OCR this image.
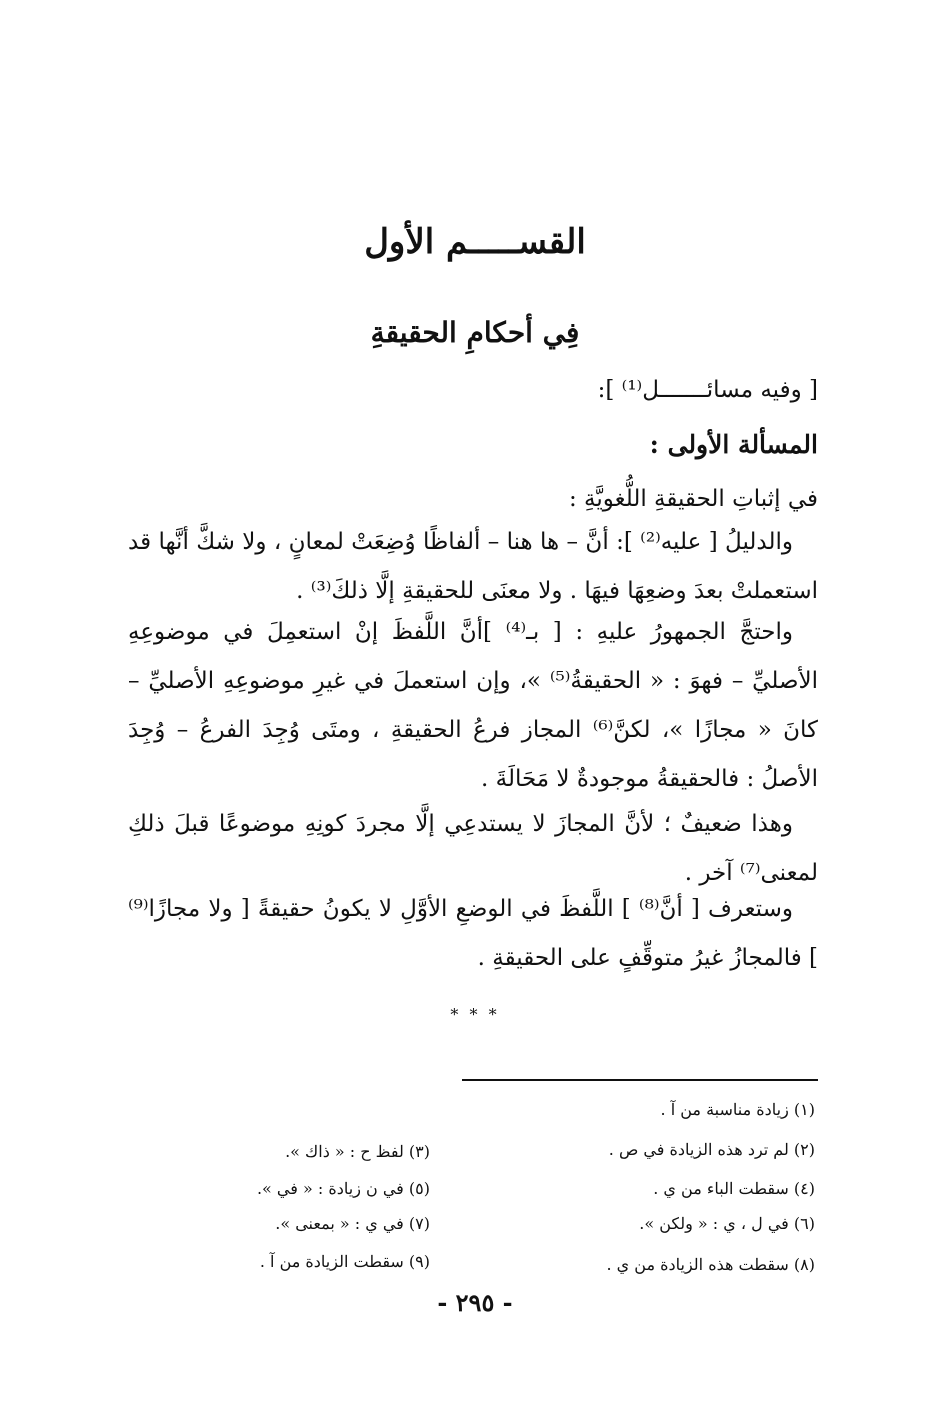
القســـــم الأول
فِي أحكامِ الحقيقةِ
[ وفيه مسائـــــــل⁽¹⁾ ]:
المسألة الأولى :
في إثباتِ الحقيقةِ اللُّغويَّةِ :
والدليلُ [ عليه⁽²⁾ ]: أنَّ – ها هنا – ألفاظًا وُضِعَتْ لمعانٍ ، ولا شكَّ أنَّها قد استعملتْ بعدَ وضعِهَا فيهَا . ولا معنَى للحقيقةِ إلَّا ذلكَ⁽³⁾ .
واحتجَّ الجمهورُ عليهِ : [ بـ⁽⁴⁾ ]أنَّ اللَّفظَ إنْ استعمِلَ في موضوعِهِ الأصليِّ – فهوَ : « الحقيقةُ⁽⁵⁾ »، وإن استعملَ في غيرِ موضوعِهِ الأصليِّ – كانَ « مجازًا »، لكنَّ⁽⁶⁾ المجاز فرعُ الحقيقةِ ، ومتَى وُجِدَ الفرعُ – وُجِدَ الأصلُ : فالحقيقةُ موجودةٌ لا مَحَالَةَ .
وهذا ضعيفٌ ؛ لأنَّ المجازَ لا يستدعِي إلَّا مجردَ كونِهِ موضوعًا قبلَ ذلكِ لمعنى⁽⁷⁾ آخر .
وستعرف [ أنَّ⁽⁸⁾ ] اللَّفظَ في الوضعِ الأوَّلِ لا يكونُ حقيقةً [ ولا مجازًا⁽⁹⁾ ] فالمجازُ غيرُ متوقِّفٍ على الحقيقةِ .
* * *
(١) زيادة مناسبة من آ .
(٢) لم ترد هذه الزيادة في ص .
(٣) لفظ ح : « ذاك ».
(٤) سقطت الباء من ي .
(٥) في ن زيادة : « في ».
(٦) في ل ، ي : « ولكن ».
(٧) في ي : « بمعنى ».
(٨) سقطت هذه الزيادة من ي .
(٩) سقطت الزيادة من آ .
- ٢٩٥ -
